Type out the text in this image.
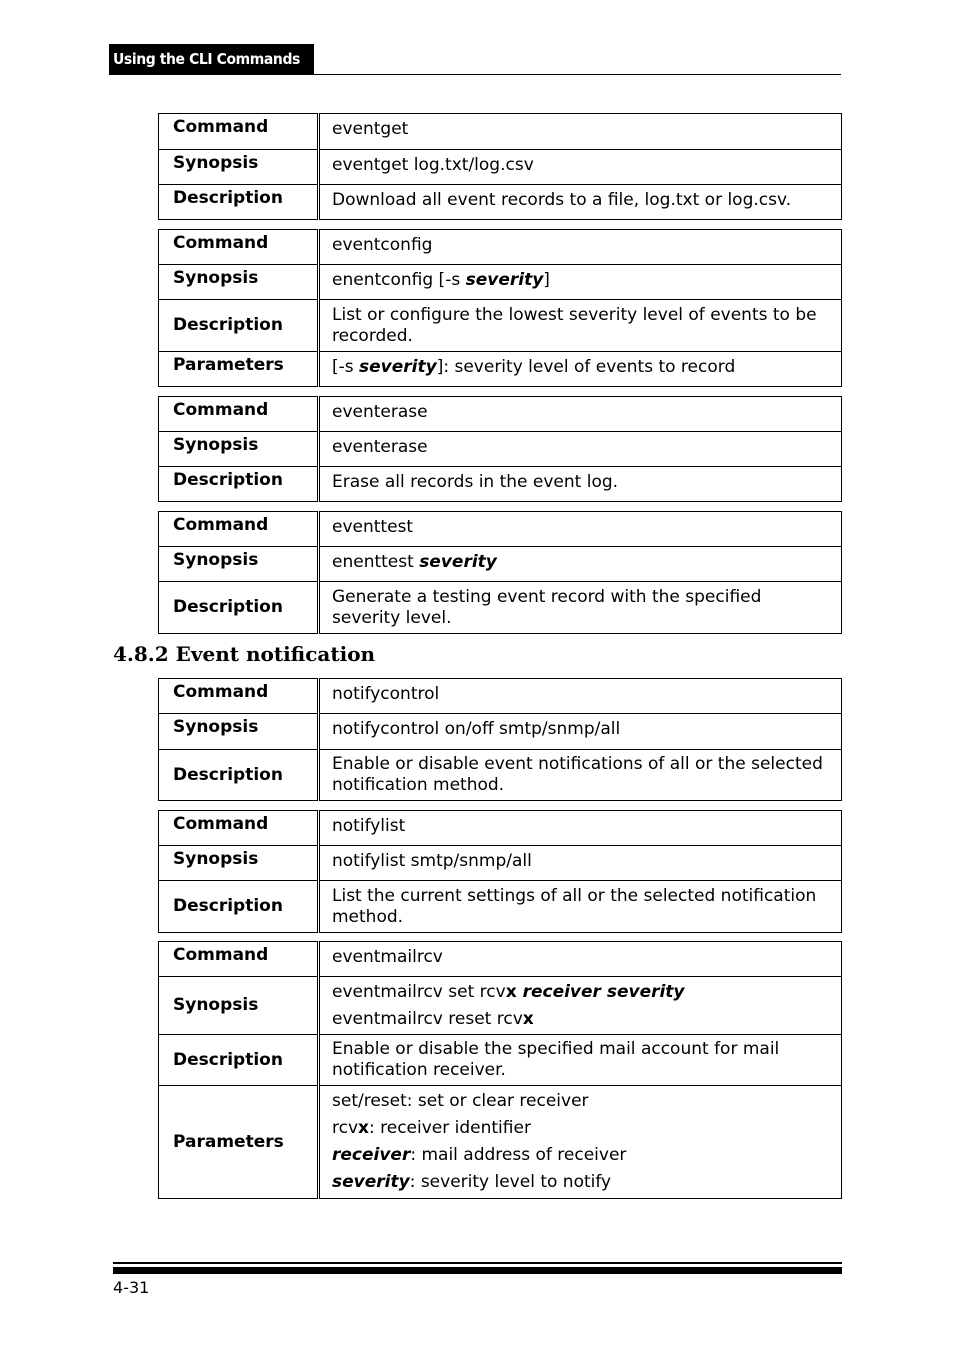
Using the CLI Commands
Command	eventget
Synopsis	eventget log.txt/log.csv
Description	Download all event records to a file, log.txt or log.csv.
Command	eventconfig
Synopsis	enentconfig [-s severity]
Description	List or configure the lowest severity level of events to be recorded.
Parameters	[-s severity]: severity level of events to record
Command	eventerase
Synopsis	eventerase
Description	Erase all records in the event log.
Command	eventtest
Synopsis	enenttest severity
Description	Generate a testing event record with the specified severity level.
4.8.2 Event notification
Command	notifycontrol
Synopsis	notifycontrol on/off smtp/snmp/all
Description	Enable or disable event notifications of all or the selected notification method.
Command	notifylist
Synopsis	notifylist smtp/snmp/all
Description	List the current settings of all or the selected notification method.
Command	eventmailrcv
Synopsis	eventmailrcv set rcvx receiver severity
eventmailrcv reset rcvx

Description	Enable or disable the specified mail account for mail notification receiver.
Parameters	set/reset: set or clear receiver
rcvx: receiver identifier
receiver: mail address of receiver
severity: severity level to notify
4-31
